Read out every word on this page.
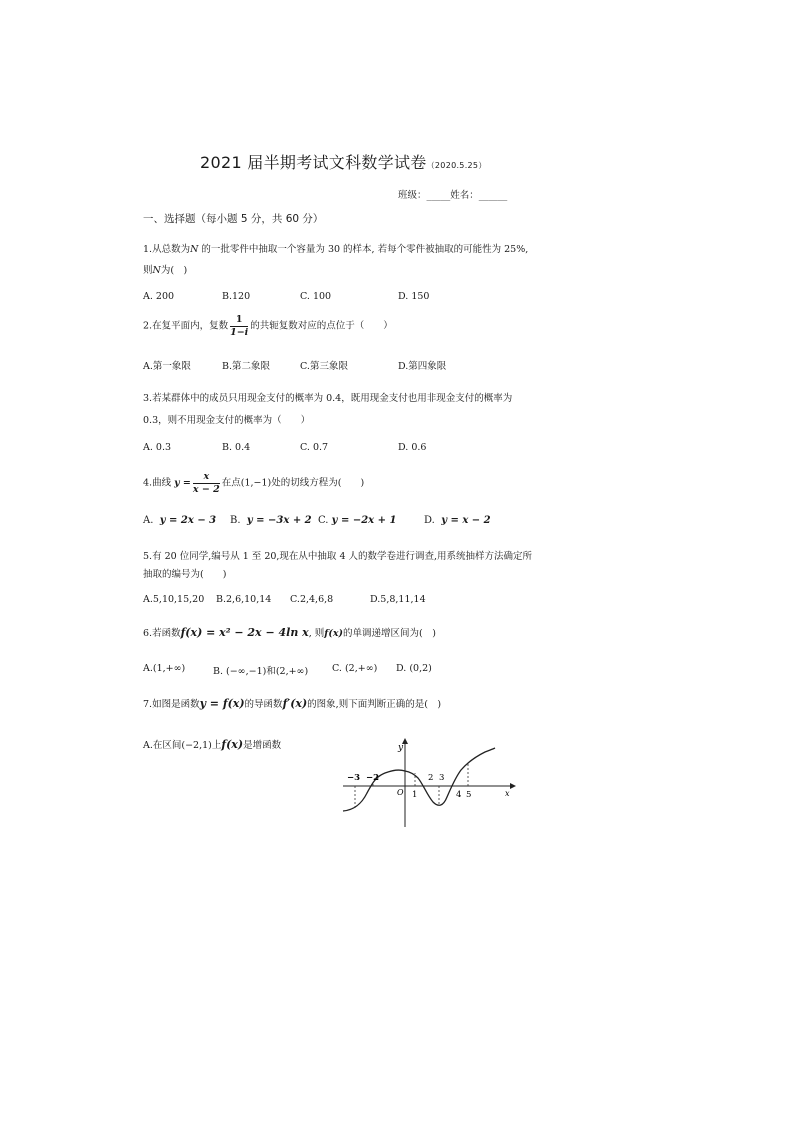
2021 届半期考试文科数学试卷（2020.5.25）
班级：_____姓名：______
一、选择题（每小题 5 分，共 60 分）
1.从总数为N 的一批零件中抽取一个容量为 30 的样本, 若每个零件被抽取的可能性为 25%,
则N为(　)
A. 200	B.120	C. 100	D. 150
2.在复平面内，复数 $\frac{1}{1-i}$ 的共轭复数对应的点位于（　　）
A.第一象限	B.第二象限	C.第三象限	D.第四象限
3.若某群体中的成员只用现金支付的概率为 0.4，既用现金支付也用非现金支付的概率为
0.3，则不用现金支付的概率为（　　）
A. 0.3	B. 0.4	C. 0.7	D. 0.6
4.曲线 $y = \frac{x}{x - 2}$ 在点(1,−1)处的切线方程为(　　)
A. y = 2x − 3 B. y = −3x + 2 C. y = −2x + 1	D. y = x − 2
5.有 20 位同学,编号从 1 至 20,现在从中抽取 4 人的数学卷进行调查,用系统抽样方法确定所
抽取的编号为(　　)
A.5,10,15,20 B.2,6,10,14 C.2,4,6,8	D.5,8,11,14
6.若函数f(x) = x² − 2x − 4ln x, 则f(x)的单调递增区间为(　)
A.(1,+∞)	B. (−∞,−1)和(2,+∞)	C. (2,+∞) D. (0,2)
7.如图是函数y = f(x)的导函数f′(x)的图象,则下面判断正确的是(　)
A.在区间(−2,1)上f(x)是增函数	y
x
O
−3 −2
1
2 3
4 5
